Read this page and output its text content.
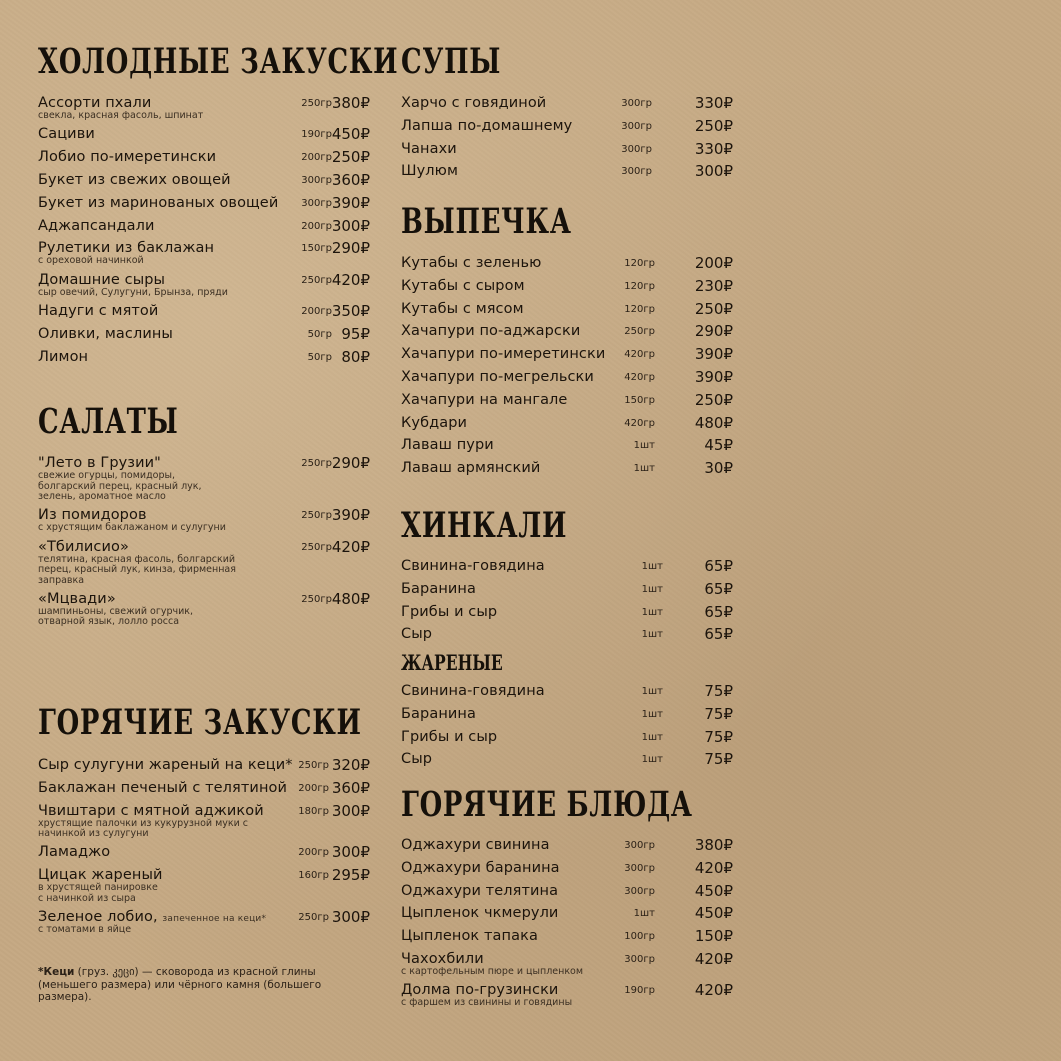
ХОЛОДНЫЕ ЗАКУСКИ
САЛАТЫ
ГОРЯЧИЕ ЗАКУСКИ
*Кеци (груз. კეცი) — сковорода из красной глины (меньшего размера) или чёрного камня (большего размера).
Ассорти пхали	250гр 380₽
свекла, красная фасоль, шпинат
Сациви	190гр 450₽
Лобио по-имеретински	200гр 250₽
Букет из свежих овощей	300гр 360₽
Букет из маринованых овощей 300гр 390₽
Аджапсандали	200гр 300₽
Рулетики из баклажан	150гр 290₽
с ореховой начинкой
Домашние сыры	250гр 420₽
сыр овечий, Сулугуни, Брынза, пряди
Надуги с мятой	200гр 350₽
Оливки, маслины	50гр 95₽
Лимон	50гр 80₽
"Лето в Грузии"	250гр 290₽
свежие огурцы, помидоры,
болгарский перец, красный лук,
зелень, ароматное масло
Из помидоров	250гр 390₽
с хрустящим баклажаном и сулугуни
«Тбилисио»	250гр 420₽
телятина, красная фасоль, болгарский
перец, красный лук, кинза, фирменная
заправка
«Мцвади»	250гр 480₽
шампиньоны, свежий огурчик,
отварной язык, лолло росса
Сыр сулугуни жареный на кеци* 250гр 320₽
Баклажан печеный с телятиной 200гр 360₽
Чвиштари с мятной аджикой	180гр 300₽
хрустящие палочки из кукурузной муки с
начинкой из сулугуни
Ламаджо	200гр 300₽
Цицак жареный	160гр 295₽
в хрустящей панировке
с начинкой из сыра
Зеленое лобио, запеченное на кеци*	250гр 300₽
с томатами в яйце
СУПЫ
ВЫПЕЧКА
ХИНКАЛИ
ЖАРЕНЫЕ
ГОРЯЧИЕ БЛЮДА
Харчо с говядиной	300гр	330₽
Лапша по-домашнему	300гр	250₽
Чанахи	300гр	330₽
Шулюм	300гр	300₽
Кутабы с зеленью	120гр	200₽
Кутабы с сыром	120гр	230₽
Кутабы с мясом	120гр	250₽
Хачапури по-аджарски	250гр	290₽
Хачапури по-имеретински 420гр	390₽
Хачапури по-мегрельски	420гр	390₽
Хачапури на мангале	150гр	250₽
Кубдари	420гр	480₽
Лаваш пури	1шт	45₽
Лаваш армянский	1шт	30₽
Свинина-говядина	1шт	65₽
Баранина	1шт	65₽
Грибы и сыр	1шт	65₽
Сыр	1шт	65₽
Свинина-говядина	1шт	75₽
Баранина	1шт	75₽
Грибы и сыр	1шт	75₽
Сыр	1шт	75₽
Оджахури свинина	300гр	380₽
Оджахури баранина	300гр	420₽
Оджахури телятина	300гр	450₽
Цыпленок чкмерули	1шт	450₽
Цыпленок тапака	100гр	150₽
Чахохбили	300гр	420₽
с картофельным пюре и цыпленком
Долма по-грузински	190гр	420₽
с фаршем из свинины и говядины
